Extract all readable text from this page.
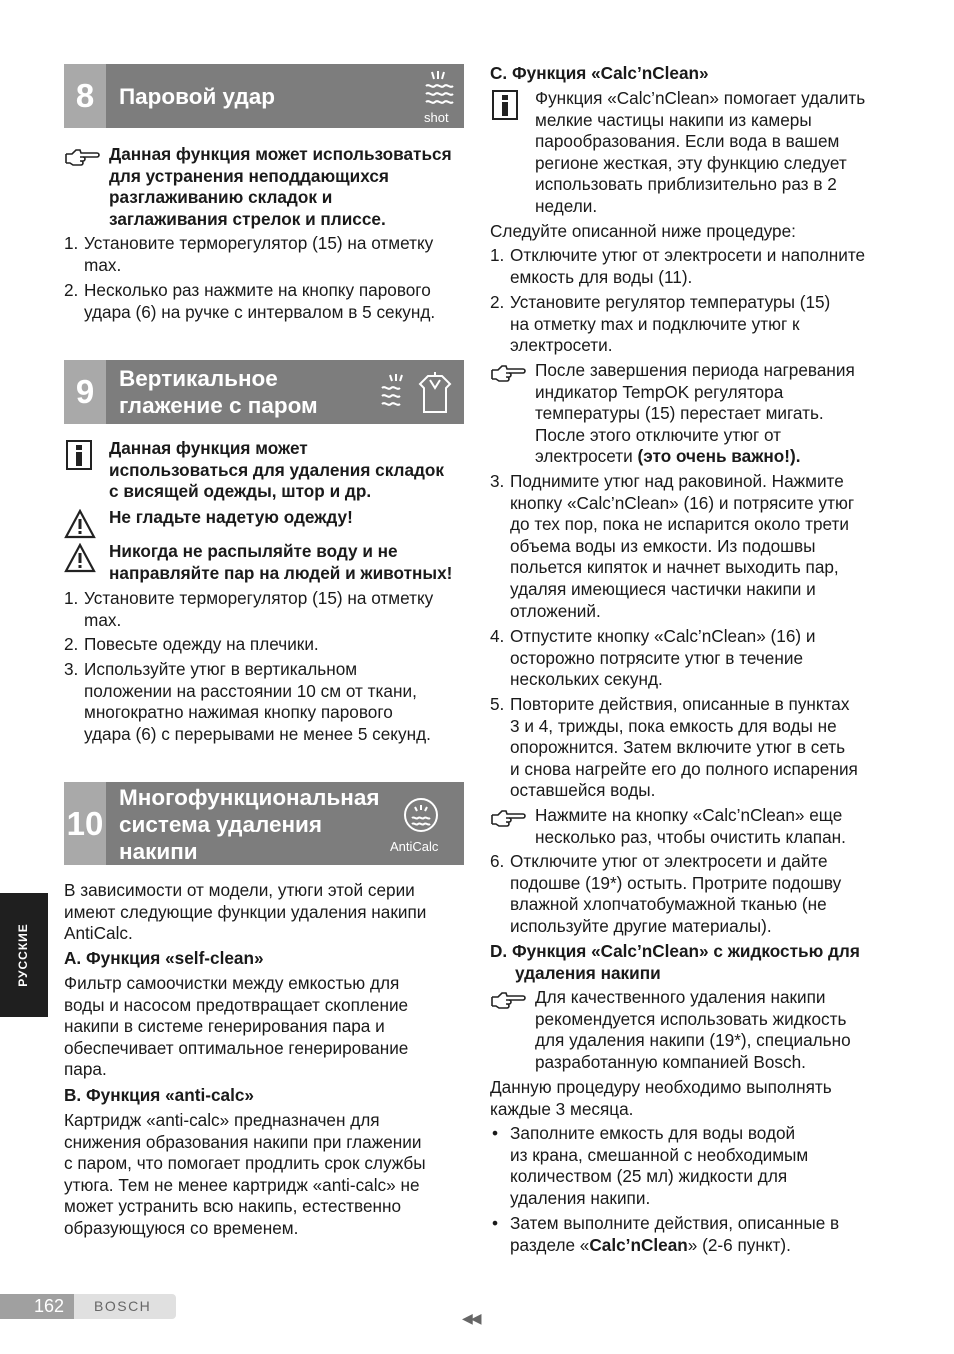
8	Паровой удар
shot
Данная функция может использоваться
для устранения неподдающихся
разглаживанию складок и
заглаживания стрелок и плиссе.
1. Установите терморегулятор (15) на отметку
max.
2. Несколько раз нажмите на кнопку парового
удара (6) на ручке с интервалом в 5 секунд.
9	Вертикальное
глажение с паром
Данная функция может
использоваться для удаления складок
с висящей одежды, штор и др.
Не гладьте надетую одежду!
Никогда не распыляйте воду и не
направляйте пар на людей и животных!
1. Установите терморегулятор (15) на отметку
max.
2. Повесьте одежду на плечики.
3. Используйте утюг в вертикальном
положении на расстоянии 10 см от ткани,
многократно нажимая кнопку парового
удара (6) с перерывами не менее 5 секунд.
10
Многофункциональная
система удаления
накипи	AntiCalc
В зависимости от модели, утюги этой серии
имеют следующие функции удаления накипи
AntiCalc.
A. Функция «self-clean»
Фильтр самоочистки между емкостью для
воды и насосом предотвращает скопление
накипи в системе генерирования пара и
обеспечивает оптимальное генерирование
пара.
B. Функция «anti-calc»
Картридж «anti-calc» предназначен для
снижения образования накипи при глажении
с паром, что помогает продлить срок службы
утюга. Тем не менее картридж «anti-calc» не
может устранить всю накипь, естественно
образующуюся со временем.
C. Функция «Calc’nClean»
Функция «Calc’nClean» помогает удалить
мелкие частицы накипи из камеры
парообразования. Если вода в вашем
регионе жесткая, эту функцию следует
использовать приблизительно раз в 2
недели.
Следуйте описанной ниже процедуре:
1. Отключите утюг от электросети и наполните
емкость для воды (11).
2. Установите регулятор температуры (15)
на отметку max и подключите утюг к
электросети.
После завершения периода нагревания
индикатор TempOK регулятора
температуры (15) перестает мигать.
После этого отключите утюг от
электросети (это очень важно!).
3. Поднимите утюг над раковиной. Нажмите
кнопку «Calc’nClean» (16) и потрясите утюг
до тех пор, пока не испарится около трети
объема воды из емкости. Из подошвы
польется кипяток и начнет выходить пар,
удаляя имеющиеся частички накипи и
отложений.
4. Отпустите кнопку «Calc’nClean» (16) и
осторожно потрясите утюг в течение
нескольких секунд.
5. Повторите действия, описанные в пунктах
3 и 4, трижды, пока емкость для воды не
опорожнится. Затем включите утюг в сеть
и снова нагрейте его до полного испарения
оставшейся воды.
Нажмите на кнопку «Calc’nClean» еще
несколько раз, чтобы очистить клапан.
6. Отключите утюг от электросети и дайте
подошве (19*) остыть. Протрите подошву
влажной хлопчатобумажной тканью (не
используйте другие материалы).
D. Функция «Calc’nClean» с жидкостью для
удаления накипи
Для качественного удаления накипи
рекомендуется использовать жидкость
для удаления накипи (19*), специально
разработанную компанией Bosch.
Данную процедуру необходимо выполнять
каждые 3 месяца.
• Заполните емкость для воды водой
из крана, смешанной с необходимым
количеством (25 мл) жидкости для
удаления накипи.
• Затем выполните действия, описанные в
разделе «Calc’nClean» (2-6 пункт).
РУССКИЕ
162 BOSCH
◀◀
